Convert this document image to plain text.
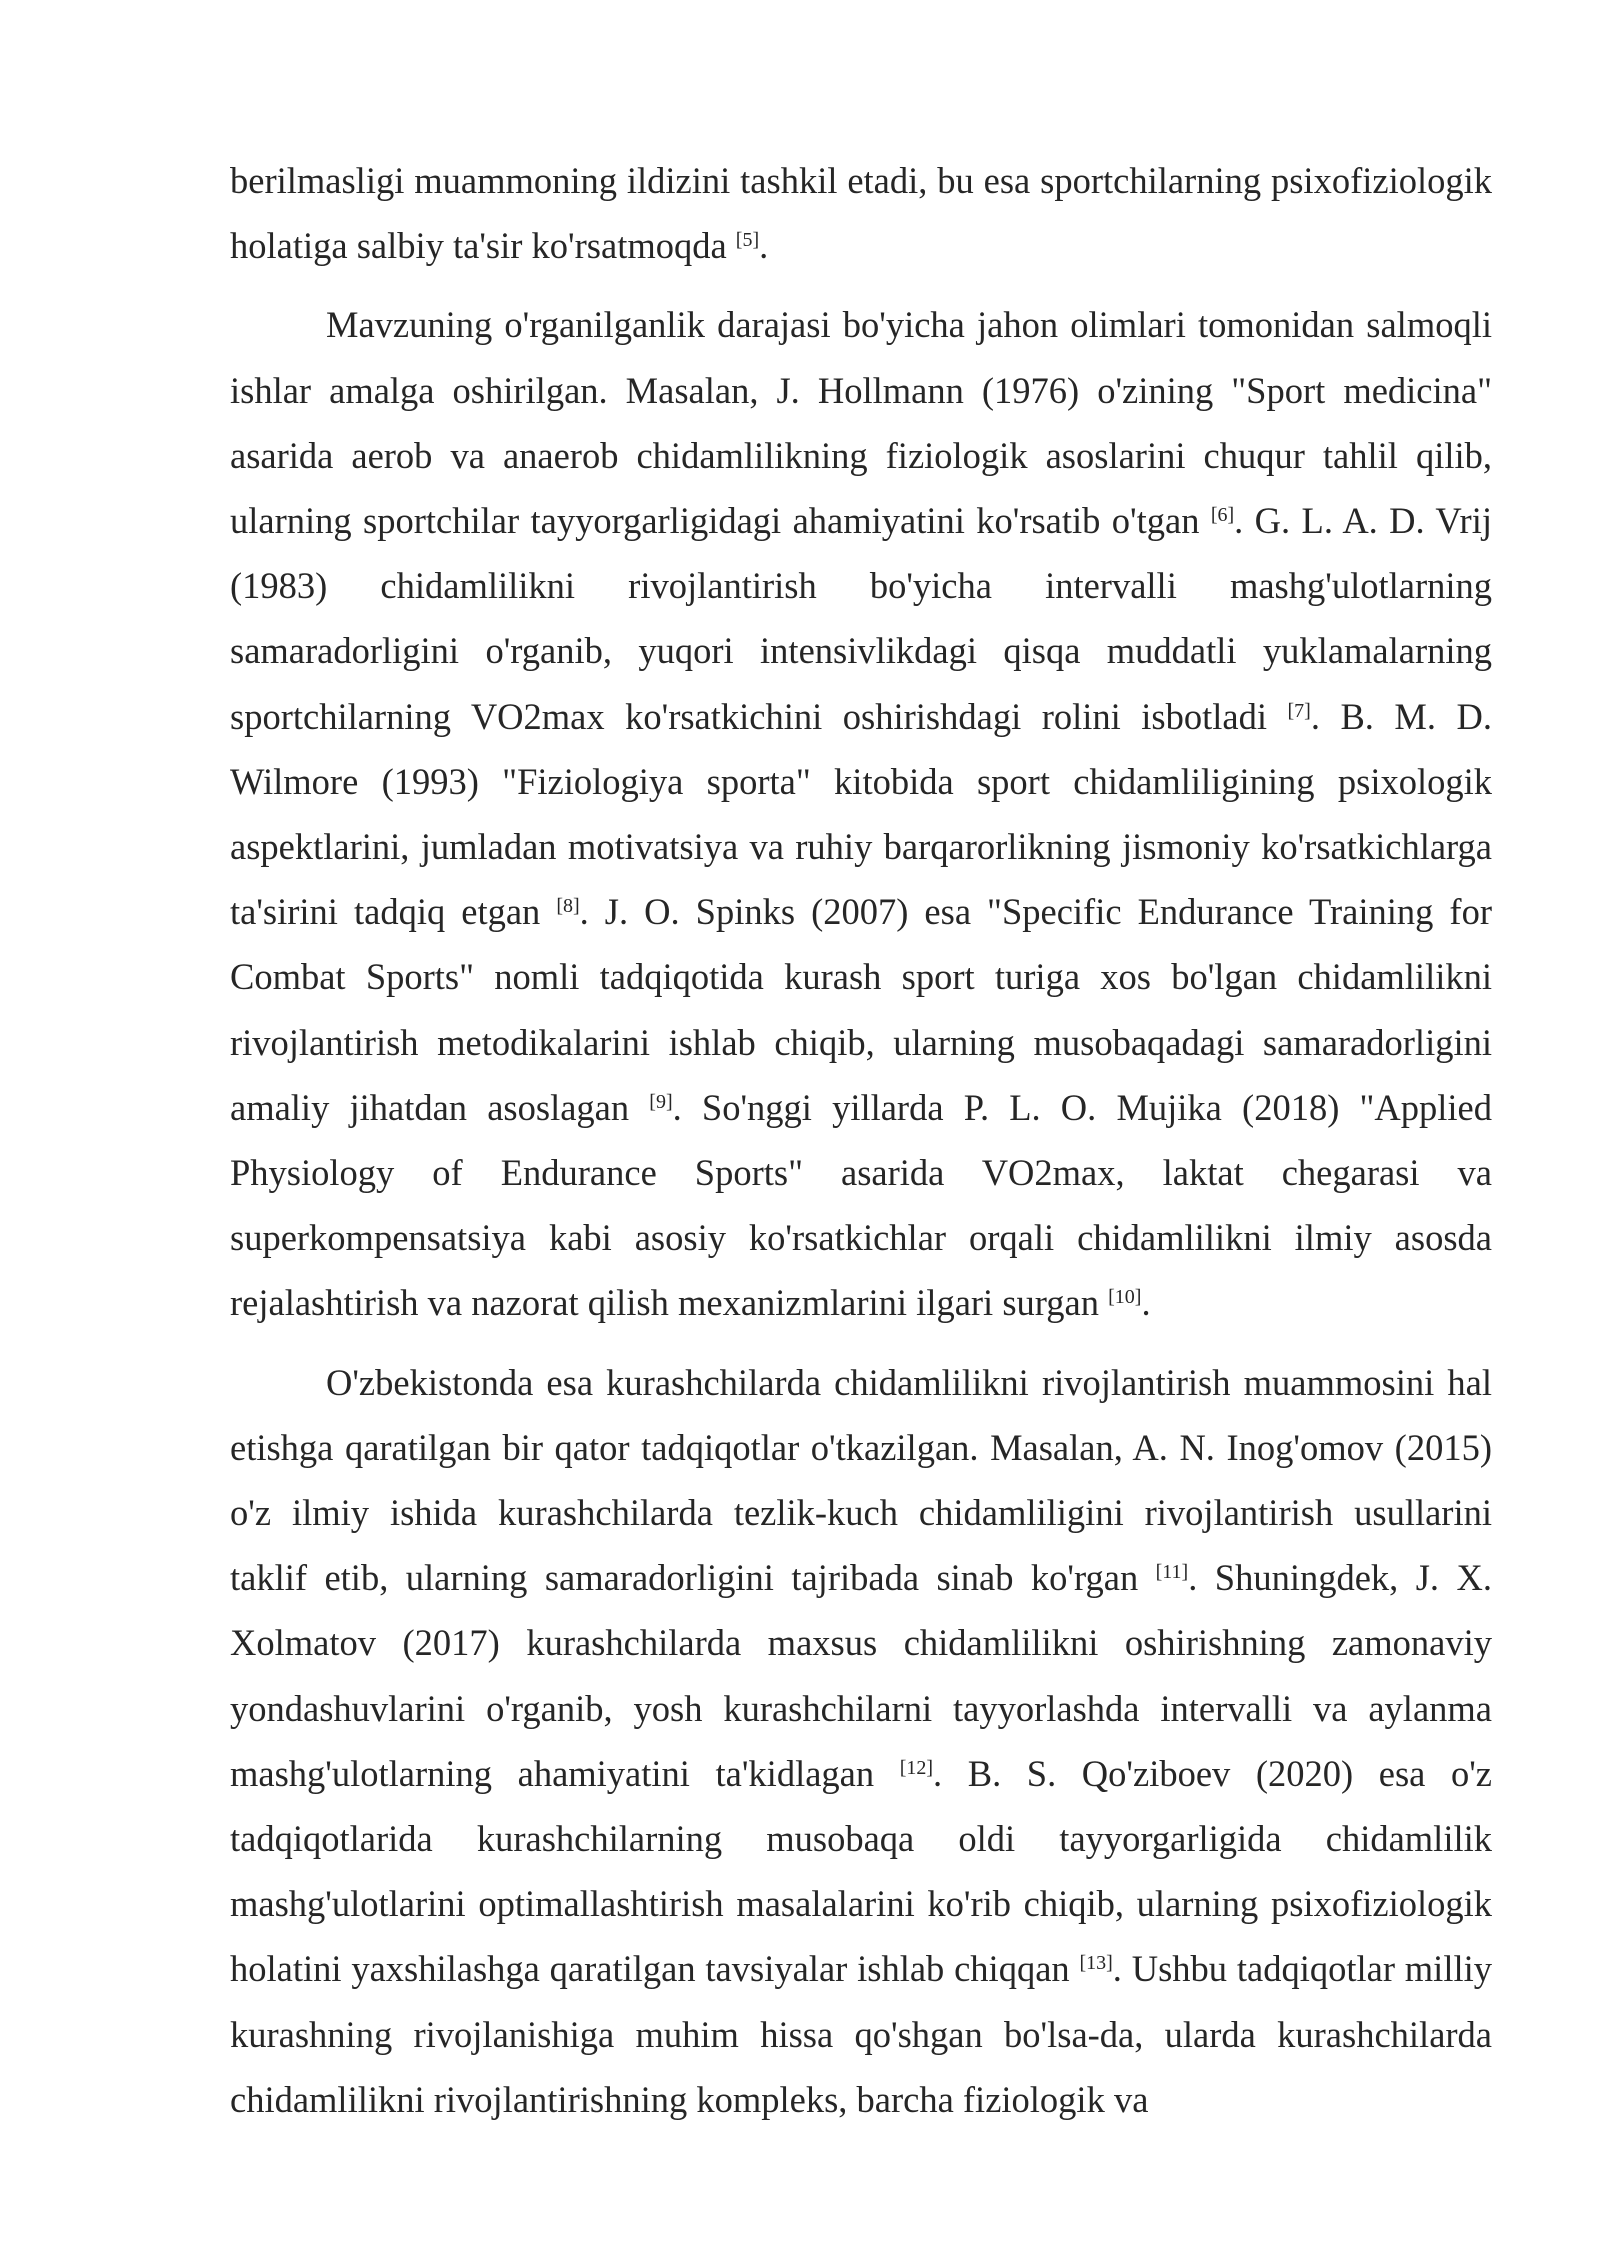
berilmasligi muammoning ildizini tashkil etadi, bu esa sportchilarning psixofiziologik holatiga salbiy ta'sir ko'rsatmoqda [5].

Mavzuning o'rganilganlik darajasi bo'yicha jahon olimlari tomonidan salmoqli ishlar amalga oshirilgan. Masalan, J. Hollmann (1976) o'zining "Sport medicina" asarida aerob va anaerob chidamlilikning fiziologik asoslarini chuqur tahlil qilib, ularning sportchilar tayyorgarligidagi ahamiyatini ko'rsatib o'tgan [6]. G. L. A. D. Vrij (1983) chidamlilikni rivojlantirish bo'yicha intervalli mashg'ulotlarning samaradorligini o'rganib, yuqori intensivlikdagi qisqa muddatli yuklamalarning sportchilarning VO2max ko'rsatkichini oshirishdagi rolini isbotladi [7]. B. M. D. Wilmore (1993) "Fiziologiya sporta" kitobida sport chidamliligining psixologik aspektlarini, jumladan motivatsiya va ruhiy barqarorlikning jismoniy ko'rsatkichlarga ta'sirini tadqiq etgan [8]. J. O. Spinks (2007) esa "Specific Endurance Training for Combat Sports" nomli tadqiqotida kurash sport turiga xos bo'lgan chidamlilikni rivojlantirish metodikalarini ishlab chiqib, ularning musobaqadagi samaradorligini amaliy jihatdan asoslagan [9]. So'nggi yillarda P. L. O. Mujika (2018) "Applied Physiology of Endurance Sports" asarida VO2max, laktat chegarasi va superkompensatsiya kabi asosiy ko'rsatkichlar orqali chidamlilikni ilmiy asosda rejalashtirish va nazorat qilish mexanizmlarini ilgari surgan [10].

O'zbekistonda esa kurashchilarda chidamlilikni rivojlantirish muammosini hal etishga qaratilgan bir qator tadqiqotlar o'tkazilgan. Masalan, A. N. Inog'omov (2015) o'z ilmiy ishida kurashchilarda tezlik-kuch chidamliligini rivojlantirish usullarini taklif etib, ularning samaradorligini tajribada sinab ko'rgan [11]. Shuningdek, J. X. Xolmatov (2017) kurashchilarda maxsus chidamlilikni oshirishning zamonaviy yondashuvlarini o'rganib, yosh kurashchilarni tayyorlashda intervalli va aylanma mashg'ulotlarning ahamiyatini ta'kidlagan [12]. B. S. Qo'ziboev (2020) esa o'z tadqiqotlarida kurashchilarning musobaqa oldi tayyorgarligida chidamlilik mashg'ulotlarini optimallashtirish masalalarini ko'rib chiqib, ularning psixofiziologik holatini yaxshilashga qaratilgan tavsiyalar ishlab chiqqan [13]. Ushbu tadqiqotlar milliy kurashning rivojlanishiga muhim hissa qo'shgan bo'lsa-da, ularda kurashchilarda chidamlilikni rivojlantirishning kompleks, barcha fiziologik va
